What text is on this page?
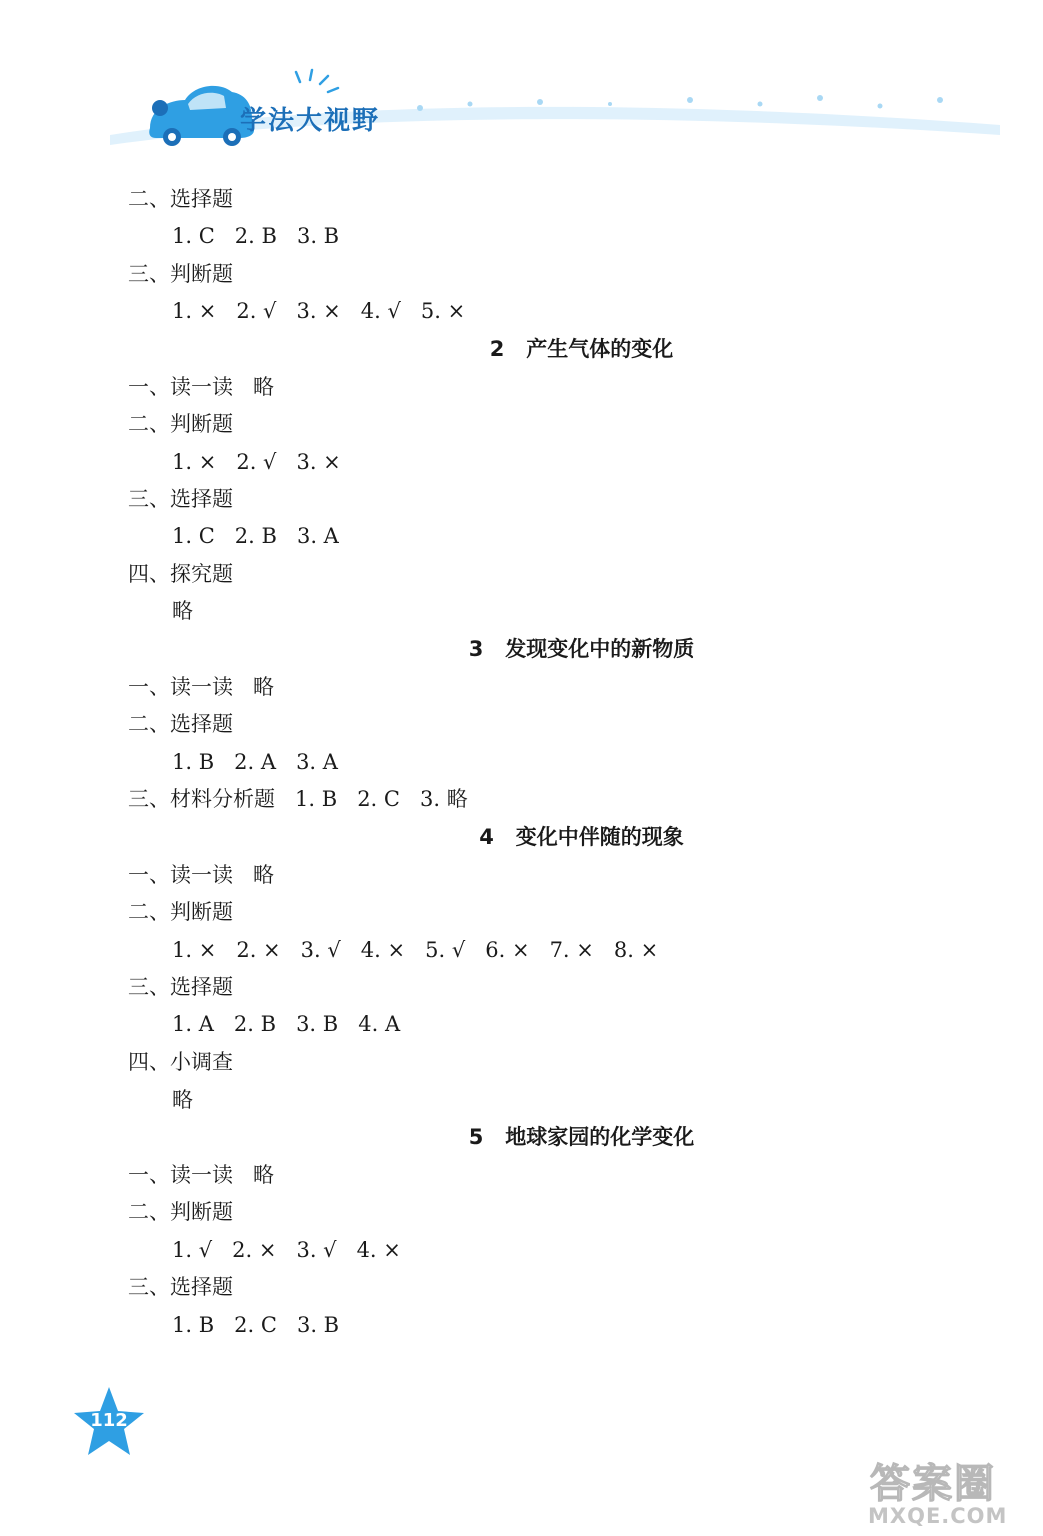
学法大视野
二、选择题
1. C   2. B   3. B
三、判断题
1. ×   2. √   3. ×   4. √   5. ×
2   产生气体的变化
一、读一读   略
二、判断题
1. ×   2. √   3. ×
三、选择题
1. C   2. B   3. A
四、探究题
略
3   发现变化中的新物质
一、读一读   略
二、选择题
1. B   2. A   3. A
三、材料分析题   1. B   2. C   3. 略
4   变化中伴随的现象
一、读一读   略
二、判断题
1. ×   2. ×   3. √   4. ×   5. √   6. ×   7. ×   8. ×
三、选择题
1. A   2. B   3. B   4. A
四、小调查
略
5   地球家园的化学变化
一、读一读   略
二、判断题
1. √   2. ×   3. √   4. ×
三、选择题
1. B   2. C   3. B
112
答案圈
MXQE.COM
